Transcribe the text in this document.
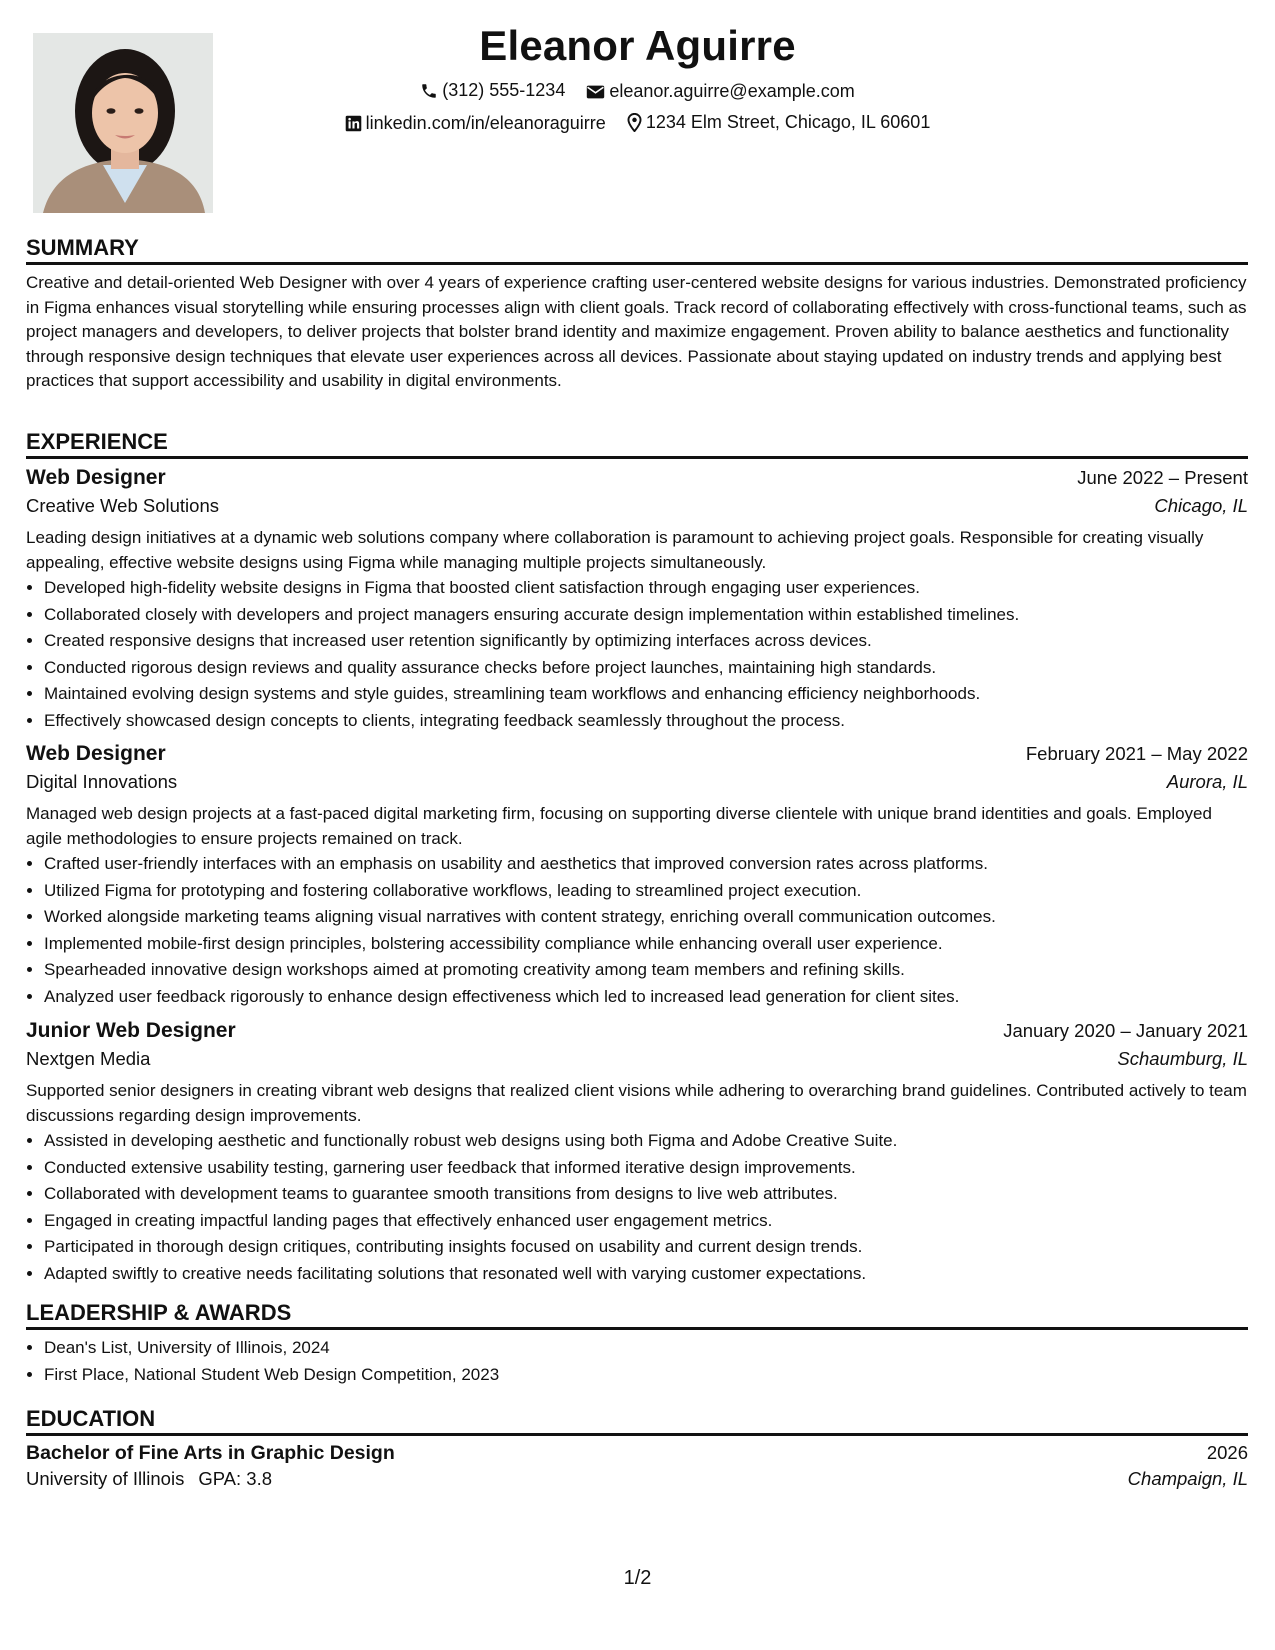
Eleanor Aguirre
(312) 555-1234
eleanor.aguirre@example.com
linkedin.com/in/eleanoraguirre
1234 Elm Street, Chicago, IL 60601
SUMMARY
Creative and detail-oriented Web Designer with over 4 years of experience crafting user-centered website designs for various industries. Demonstrated proficiency in Figma enhances visual storytelling while ensuring processes align with client goals. Track record of collaborating effectively with cross-functional teams, such as project managers and developers, to deliver projects that bolster brand identity and maximize engagement. Proven ability to balance aesthetics and functionality through responsive design techniques that elevate user experiences across all devices. Passionate about staying updated on industry trends and applying best practices that support accessibility and usability in digital environments.
EXPERIENCE
Web Designer	June 2022 – Present
Creative Web Solutions	Chicago, IL
Leading design initiatives at a dynamic web solutions company where collaboration is paramount to achieving project goals. Responsible for creating visually appealing, effective website designs using Figma while managing multiple projects simultaneously.
• Developed high-fidelity website designs in Figma that boosted client satisfaction through engaging user experiences.
• Collaborated closely with developers and project managers ensuring accurate design implementation within established timelines.
• Created responsive designs that increased user retention significantly by optimizing interfaces across devices.
• Conducted rigorous design reviews and quality assurance checks before project launches, maintaining high standards.
• Maintained evolving design systems and style guides, streamlining team workflows and enhancing efficiency neighborhoods.
• Effectively showcased design concepts to clients, integrating feedback seamlessly throughout the process.
Web Designer	February 2021 – May 2022
Digital Innovations	Aurora, IL
Managed web design projects at a fast-paced digital marketing firm, focusing on supporting diverse clientele with unique brand identities and goals. Employed agile methodologies to ensure projects remained on track.
• Crafted user-friendly interfaces with an emphasis on usability and aesthetics that improved conversion rates across platforms.
• Utilized Figma for prototyping and fostering collaborative workflows, leading to streamlined project execution.
• Worked alongside marketing teams aligning visual narratives with content strategy, enriching overall communication outcomes.
• Implemented mobile-first design principles, bolstering accessibility compliance while enhancing overall user experience.
• Spearheaded innovative design workshops aimed at promoting creativity among team members and refining skills.
• Analyzed user feedback rigorously to enhance design effectiveness which led to increased lead generation for client sites.
Junior Web Designer	January 2020 – January 2021
Nextgen Media	Schaumburg, IL
Supported senior designers in creating vibrant web designs that realized client visions while adhering to overarching brand guidelines. Contributed actively to team discussions regarding design improvements.
• Assisted in developing aesthetic and functionally robust web designs using both Figma and Adobe Creative Suite.
• Conducted extensive usability testing, garnering user feedback that informed iterative design improvements.
• Collaborated with development teams to guarantee smooth transitions from designs to live web attributes.
• Engaged in creating impactful landing pages that effectively enhanced user engagement metrics.
• Participated in thorough design critiques, contributing insights focused on usability and current design trends.
• Adapted swiftly to creative needs facilitating solutions that resonated well with varying customer expectations.
LEADERSHIP & AWARDS
• Dean's List, University of Illinois, 2024
• First Place, National Student Web Design Competition, 2023
EDUCATION
Bachelor of Fine Arts in Graphic Design	2026
University of Illinois GPA: 3.8	Champaign, IL
1/2
